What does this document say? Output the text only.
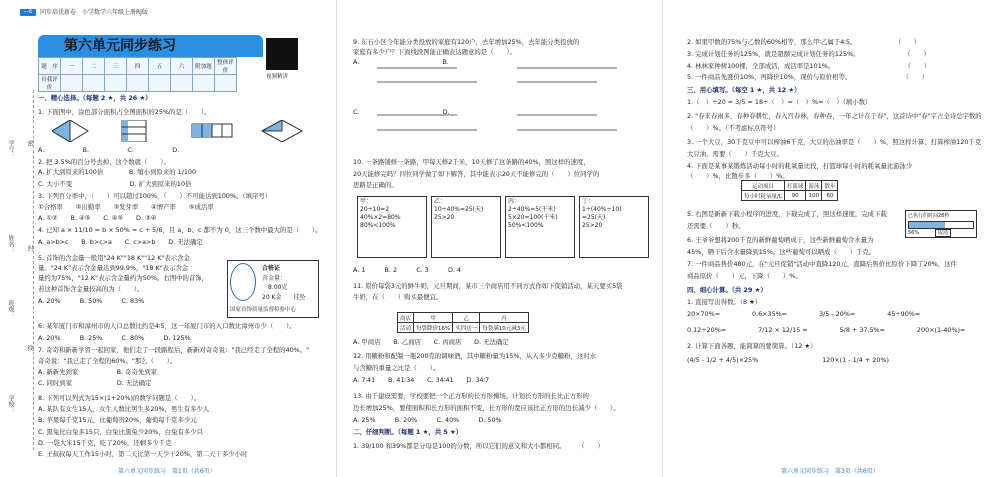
—6	同步培优新卷　小学数学六年级上册RJ版
第六单元同步练习
题　序	一	二	三	四	五	六	附加题	整体评价
自我评价								
视频精讲
学号：
姓名：
班级：
学校：
密
封
线
一、精心选择。（每题 2 ★，共 26 ★）
1. 下面图中，涂色部分面积占全图面积的25%的是（　　）。
A.　　　　　　B.　　　　　　C.　　　　　　D.
2. 把 3.5%的百分号去掉，这个数就（　　）。
A. 扩大到原来的100倍　　　　B. 缩小到原来的 1/100
C. 大小不变　　　　　　　　　D. 扩大到原来的10倍
3. 下列百分率中，（　　）可以超过100%，（　　）不可能达到100%。（填序号）
①合格率　　②出勤率　　③发芽率　　④增产率　　⑤成活率
A. ①②　　B. ④⑤　　C. ④⑤　　D. ③④
4. 已知 a × 11/10 = b × 50% = c ÷ 5/6，且 a、b、c 都不为 0，这三个数中最大的是（　　）。
A. a>b>c　　B. b>c>a　　C. c>a>b　　D. 无法确定
5. 首饰的含金量一般用"24 K""18 K""12 K"表示含金
量。"24 K"表示含金量达到99.9%，"18 K"表示含金
量约为75%，"12 K"表示含金量约为50%。右图中的首饰，
若这种首饰含金量较高的为（　　）。
A. 20%　　　B. 50%　　　C. 83%
6. 某年厦门市和漳州市的人口总数比约是4∶5，这一年厦门市的人口数比漳州市少（　　）。
A. 20%　　　B. 25%　　　C. 80%　　　D. 125%
7. 奇奇和新新学習一起回家，他们走了一段路程后，新新对奇奇说："我已经走了全程的40%。"
奇奇说："我已走了全程的60%。"那么（　　）。
A. 新新先到家　　　　　　B. 奇奇先到家
C. 同时到家　　　　　　　D. 无法确定
8. 下列可以列式为15×(1+20%)的数学问题是（　　）。
A. 某队有女生15人，女生人数比男生多20%，男生有多少人
B. 苹果每千克15元，比葡萄贵20%，葡萄每千克多少元
C. 黑兔比白兔多15只，白兔比黑兔少20%，白兔有多少只
D. 一袋大米15千克，吃了20%，还剩多少千克
E. 王叔叔每天工作15小时，第二天比第一天少干20%，第二天干多少小时
合格证
含金量：
8.00克
20 K金　　挂坠
国家首饰质量监督检验中心
第六单元同步练习　第1页（共6页）
9. 东石小区今年能分类投放的家庭有120户，去年增加25%，去年能分类投放的
家庭有多少户？下面线段图能正确表达题意的是（　　）。
A.　　　　　　　　　　　　　B.
C.　　　　　　　　　　　　　D.
10. 一条路铺修一条路，甲每天修2千米，10天修了这条路的40%，照这样的速度，
20天能修完吗？四位同学做了如下解答，其中能表示20天不能修完的（　　）位同学的
思路是正确的。
A. 1　　　B. 2　　　C. 3　　　D. 4
11. 原价每袋3元的鲜牛奶，元旦期间，某市三个商店用不同方式作如下促销活动，某天要买5袋
牛奶，在（　　）购买最便宜。
A. 甲商店　　B. 乙商店　　C. 丙商店　　D. 无法确定
12. 用糖粉和配制一瓶200克的调味酒，其中糖粉量为15%，从入多少克糖粉，这时水
与含糖的重量之比是（　　）。
A. 7∶41　　B. 41∶34　　C. 34∶41　　D. 34∶7
13. 由于建设需要，学校要把一个正方形的长方形操场。计划长方形的长比正方形的
边长增加25%，要使面积和长方形的面积不变，长方形的宽应该比正方形的边长减少（　　）。
A. 25%　　　B. 20%　　　C. 40%　　　D. 50%
二、仔细判断。（每题 1 ★，共 5 ★）
1. 39/100 和39%都是分母是100的分数，所以它们的意义和大小都相同。　　　（　　）
甲：
20÷10=2
40%×2=80%
80%<100%
乙：
10÷40%=25(天)
25>20
丙：
2÷40%=5(千米)
5×20=100(千米)
50%<100%
丁：
1÷(40%÷10)
=25(天)
25>20
商店	甲	乙	丙
活动	每袋降价16%	买四送一	每袋满10元减3元
2. 如果甲数的75%与乙数的60%相等，那么甲∶乙属于4∶5。　　　　　　　（　　）
3. 完成计划任务的125%，就是超额完成计划任务的125%。　　　　　　　　（　　）
4. 林林家种树100棵，全部成活，成活率是101%。　　　　　　　　　　　　（　　）
5. 一件商品先涨价10%，再降价10%，现价与原价相等。　　　　　　　　　（　　）
三、用心填写。（每空 1 ★，共 12 ★）
1.（　）÷20 = 3/5 = 18÷（　）=（　）%=（　）（填小数）
2. "春来春雨多，春种春耕忙，春入宫春林，春种春，一年之计在于春"，这首诗中"春"字占全诗总字数的
（　　）%。（不考虑标点符号）
3. 一个大豆，30千克豆中可以榨油6千克，大豆的出油率是（　　）%，照这样计算，打算榨油120千克
大豆油，需要（　　）千克大豆。
4. 下面是某事某锻炼活动每小时的耗氧量比较，打篮球每小时的耗氧量比游泳少
（　　）%，比散步多（　　）%。
5. 右图是新新下载小程序的进度，下载完成了，照这样速度，完成下载
还需要（　　）秒。
6. 王爷爷想将200千克的新鲜葡萄晒成干，这些新鲜葡萄含水量为
45%，晒干后含水量降到15%。这些葡萄可以晒成（　　）千克。
7. 一件商品售价480元，在"元旦促销"活动中直降120元，直降后售价比原价下降了20%，这件
商品原价（　　）元，下降（　　）%。
四、细心计算。（共 29 ★）
1. 直接写出得数。（8 ★）
20×70%=　　　　　0.6×35%=　　　　　3/5 - 20%=　　　　　45÷90%=
0.12÷20%=　　　　　7/12 × 12/15 =　　　　　5/8 + 37.5%=　　　　　200×(1-40%)=
2. 计算下面各题，能简算的要简算。（12 ★）
(4/5 - 1/2 + 4/5)×25%　　　　　　　　　　120×(1 - 1/4 + 20%)
运动项目	打篮球	游泳	散步
每小时耗氧量/L	90	100	60
已执行的时间28秒
56%	取消
第六单元同步练习　第3页（共6页）
